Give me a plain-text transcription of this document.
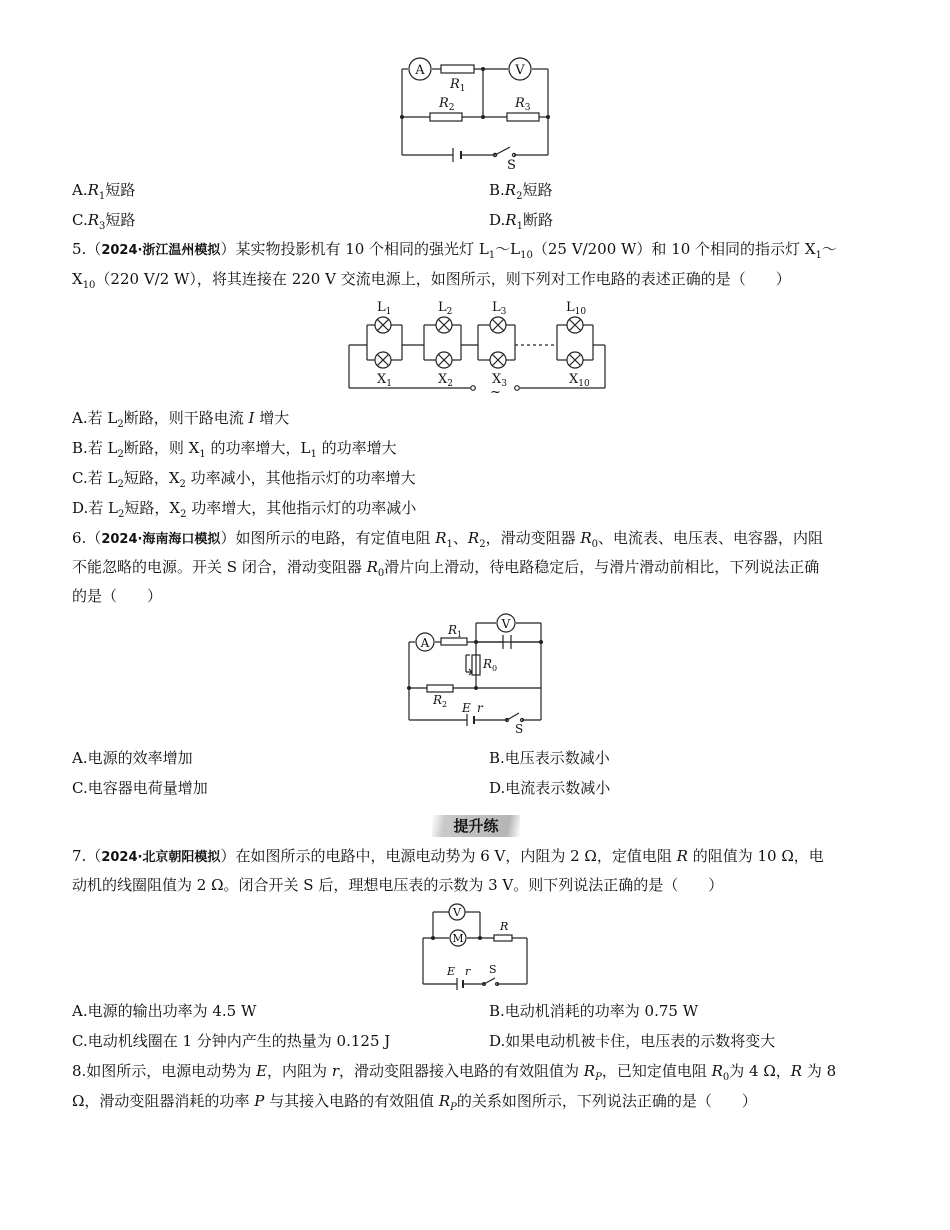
A	V
$R_1$
$R_2$	$R_3$
S
$A.R_1$短路	$B.R_2$短路
$C.R_3$短路	$D.R_1$断路
5.（2024·浙江温州模拟）某实物投影机有 10 个相同的强光灯 $L_1\sim L_{10}(25$ V/200 W）和 10 个相同的指示灯 $X_1\sim$
$X_{10}(220$ V/2 W），将其连接在 220 V 交流电源上，如图所示，则下列对工作电路的表述正确的是（　　）
~
$L_1$	$L_2$	$L_3$	$L_{10}$
$X_1$	$X_2$	$X_3$	$X_{10}$
A.若 $L_2$断路，则干路电流 I 增大
B.若 $L_2$断路，则 $X_1$ 的功率增大，$L_1$ 的功率增大
C.若 $L_2$短路，$X_2$ 功率减小，其他指示灯的功率增大
D.若 $L_2$短路，$X_2$ 功率增大，其他指示灯的功率减小
6.（2024·海南海口模拟）如图所示的电路，有定值电阻 $R_1$、$R_2$，滑动变阻器 $R_0$、电流表、电压表、电容器，内阻
不能忽略的电源。开关 S 闭合，滑动变阻器 $R_0$滑片向上滑动，待电路稳定后，与滑片滑动前相比，下列说法正确
的是（　　）
A
V
$R_1$
$R_0$
$R_2$ E r
S
A.电源的效率增加	B.电压表示数减小
C.电容器电荷量增加	D.电流表示数减小
提升练
7.（2024·北京朝阳模拟）在如图所示的电路中，电源电动势为 6 V，内阻为 2 Ω，定值电阻 R 的阻值为 10 Ω，电
动机的线圈阻值为 2 Ω。闭合开关 S 后，理想电压表的示数为 3 V。则下列说法正确的是（　　）
V
M
R
E r S
A.电源的输出功率为 4.5 W	B.电动机消耗的功率为 0.75 W
C.电动机线圈在 1 分钟内产生的热量为 0.125 J	D.如果电动机被卡住，电压表的示数将变大
8.如图所示，电源电动势为 E，内阻为 r，滑动变阻器接入电路的有效阻值为 $R_P$，已知定值电阻 $R_0$为 4 Ω，R 为 8
Ω，滑动变阻器消耗的功率 P 与其接入电路的有效阻值 $R_P$的关系如图所示，下列说法正确的是（　　）
